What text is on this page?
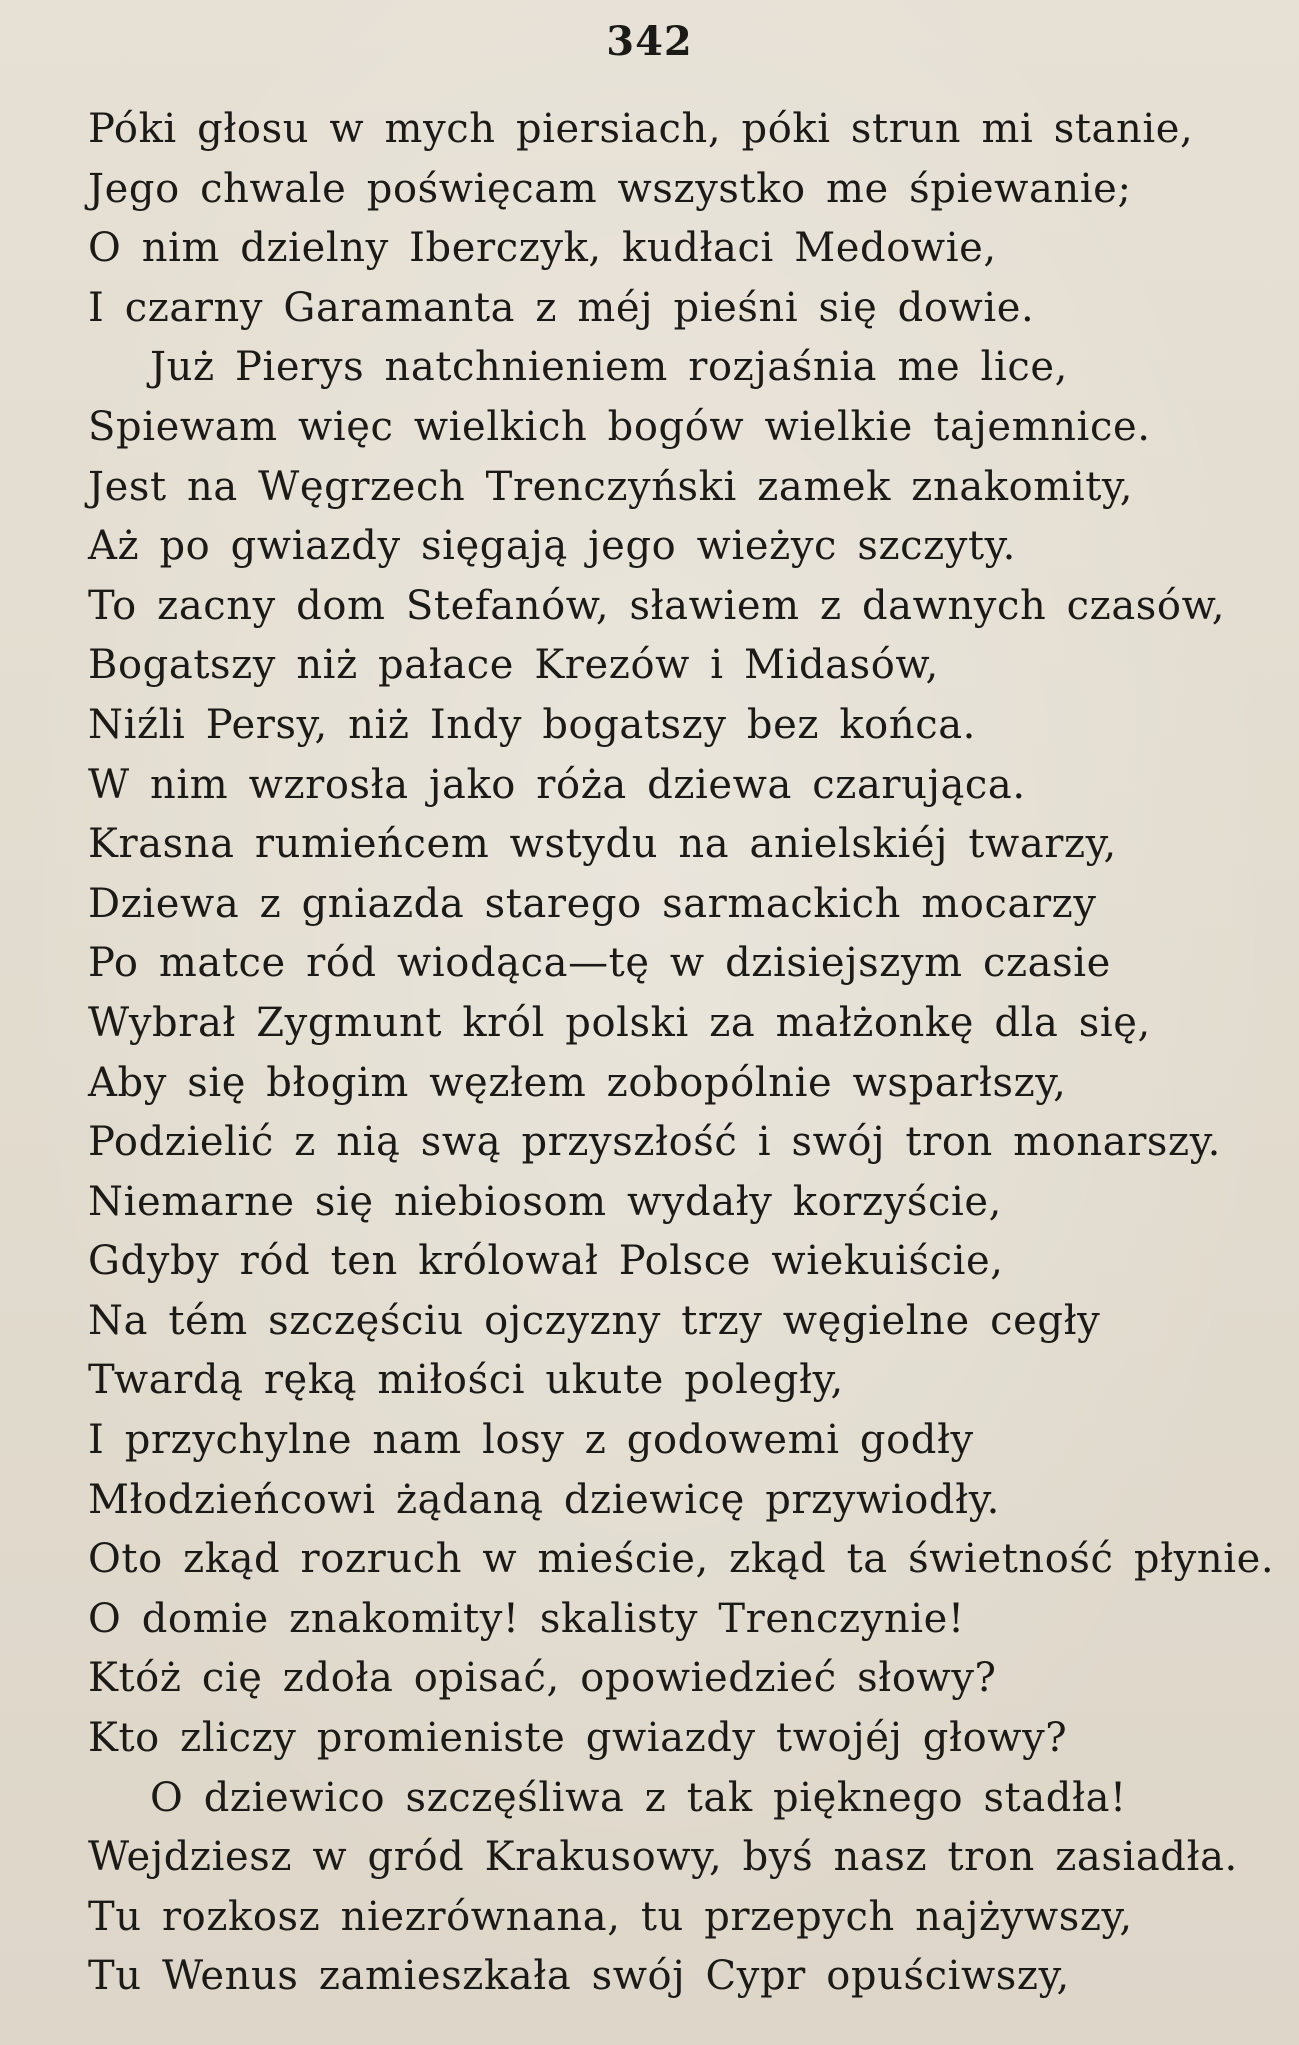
342
Póki głosu w mych piersiach, póki strun mi stanie,
Jego chwale poświęcam wszystko me śpiewanie;
O nim dzielny Iberczyk, kudłaci Medowie,
I czarny Garamanta z méj pieśni się dowie.
Już Pierys natchnieniem rozjaśnia me lice,
Spiewam więc wielkich bogów wielkie tajemnice.
Jest na Węgrzech Trenczyński zamek znakomity,
Aż po gwiazdy sięgają jego wieżyc szczyty.
To zacny dom Stefanów, sławiem z dawnych czasów,
Bogatszy niż pałace Krezów i Midasów,
Niźli Persy, niż Indy bogatszy bez końca.
W nim wzrosła jako róża dziewa czarująca.
Krasna rumieńcem wstydu na anielskiéj twarzy,
Dziewa z gniazda starego sarmackich mocarzy
Po matce ród wiodąca—tę w dzisiejszym czasie
Wybrał Zygmunt król polski za małżonkę dla się,
Aby się błogim węzłem zobopólnie wsparłszy,
Podzielić z nią swą przyszłość i swój tron monarszy.
Niemarne się niebiosom wydały korzyście,
Gdyby ród ten królował Polsce wiekuiście,
Na tém szczęściu ojczyzny trzy węgielne cegły
Twardą ręką miłości ukute poległy,
I przychylne nam losy z godowemi godły
Młodzieńcowi żądaną dziewicę przywiodły.
Oto zkąd rozruch w mieście, zkąd ta świetność płynie.
O domie znakomity! skalisty Trenczynie!
Któż cię zdoła opisać, opowiedzieć słowy?
Kto zliczy promieniste gwiazdy twojéj głowy?
O dziewico szczęśliwa z tak pięknego stadła!
Wejdziesz w gród Krakusowy, byś nasz tron zasiadła.
Tu rozkosz niezrównana, tu przepych najżywszy,
Tu Wenus zamieszkała swój Cypr opuściwszy,
